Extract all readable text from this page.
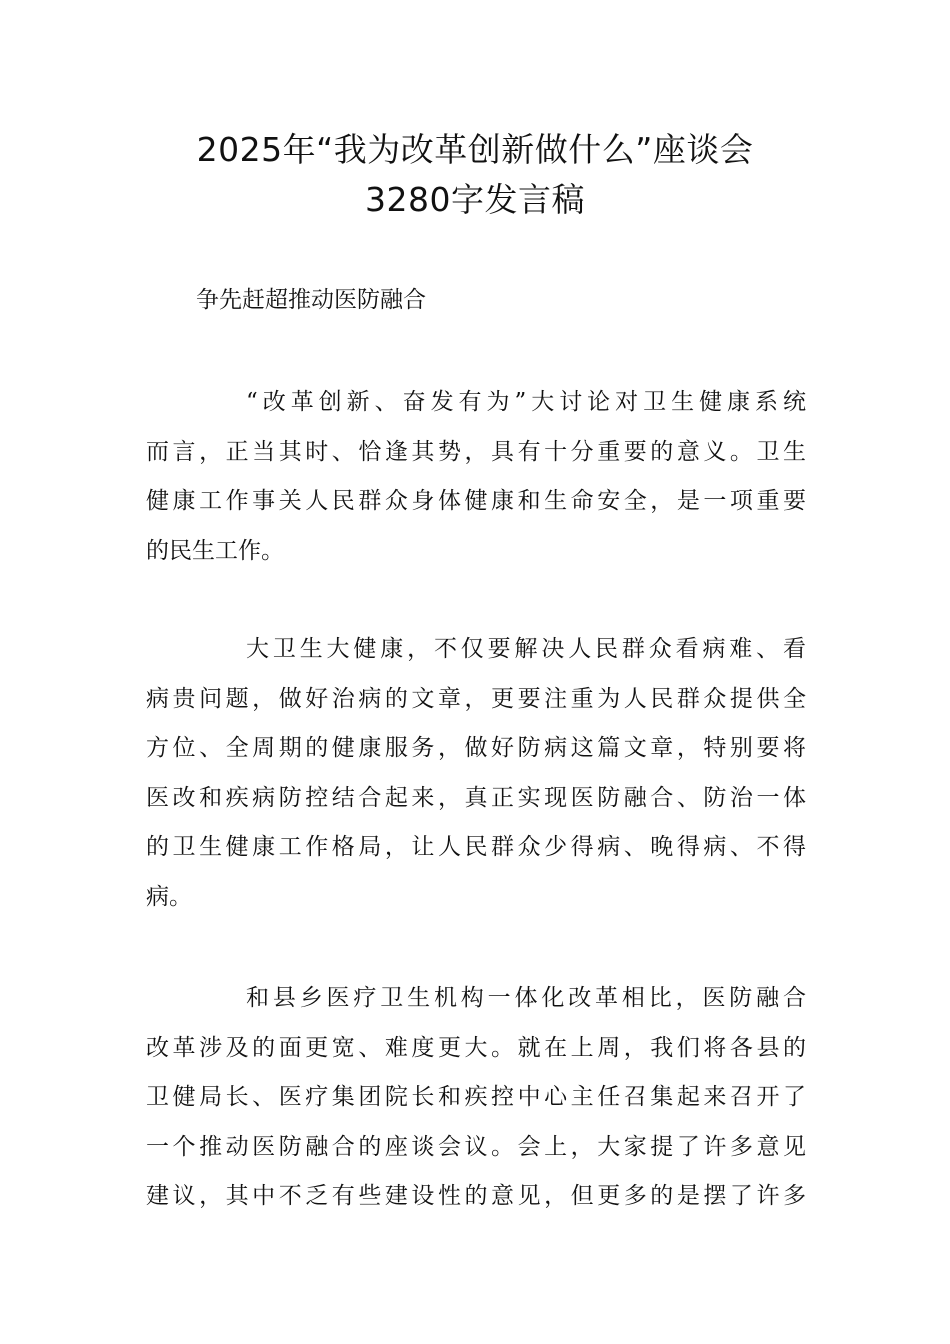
2025年“我为改革创新做什么”座谈会
3280字发言稿

争先赶超推动医防融合

“改革创新、奋发有为”大讨论对卫生健康系统
而言，正当其时、恰逢其势，具有十分重要的意义。卫生
健康工作事关人民群众身体健康和生命安全，是一项重要
的民生工作。
大卫生大健康，不仅要解决人民群众看病难、看
病贵问题，做好治病的文章，更要注重为人民群众提供全
方位、全周期的健康服务，做好防病这篇文章，特别要将
医改和疾病防控结合起来，真正实现医防融合、防治一体
的卫生健康工作格局，让人民群众少得病、晚得病、不得
病。
和县乡医疗卫生机构一体化改革相比，医防融合
改革涉及的面更宽、难度更大。就在上周，我们将各县的
卫健局长、医疗集团院长和疾控中心主任召集起来召开了
一个推动医防融合的座谈会议。会上，大家提了许多意见
建议，其中不乏有些建设性的意见，但更多的是摆了许多
